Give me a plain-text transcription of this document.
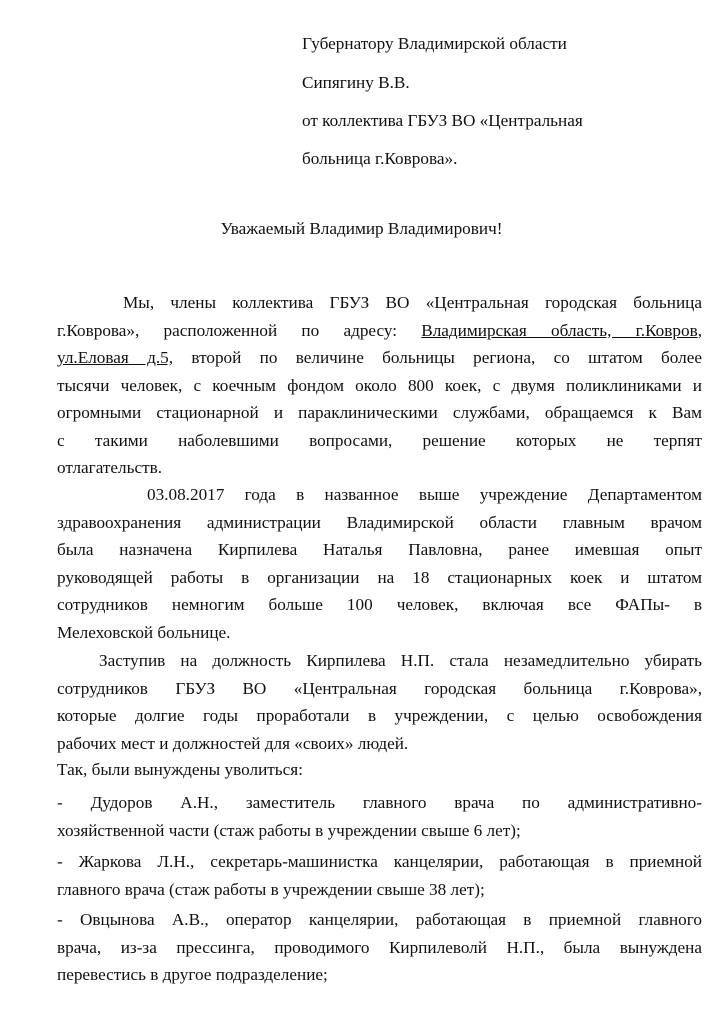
Губернатору Владимирской области
Сипягину В.В.
от коллектива ГБУЗ ВО «Центральная
больница г.Коврова».
Уважаемый Владимир Владимирович!
Мы, члены коллектива ГБУЗ ВО «Центральная городская больница
г.Коврова», расположенной по адресу: Владимирская область, г.Ковров,
ул.Еловая д.5, второй по величине больницы региона, со штатом более
тысячи человек, с коечным фондом около 800 коек, с двумя поликлиниками и
огромными стационарной и параклиническими службами, обращаемся к Вам
с такими наболевшими вопросами, решение которых не терпят
отлагательств.
03.08.2017 года в названное выше учреждение Департаментом
здравоохранения администрации Владимирской области главным врачом
была назначена Кирпилева Наталья Павловна, ранее имевшая опыт
руководящей работы в организации на 18 стационарных коек и штатом
сотрудников немногим больше 100 человек, включая все ФАПы- в
Мелеховской больнице.
Заступив на должность Кирпилева Н.П. стала незамедлительно убирать
сотрудников ГБУЗ ВО «Центральная городская больница г.Коврова»,
которые долгие годы проработали в учреждении, с целью освобождения
рабочих мест и должностей для «своих» людей.
Так, были вынуждены уволиться:
- Дудоров А.Н., заместитель главного врача по административно-
хозяйственной части (стаж работы в учреждении свыше 6 лет);
- Жаркова Л.Н., секретарь-машинистка канцелярии, работающая в приемной
главного врача (стаж работы в учреждении свыше 38 лет);
- Овцынова А.В., оператор канцелярии, работающая в приемной главного
врача, из-за прессинга, проводимого Кирпилеволй Н.П., была вынуждена
перевестись в другое подразделение;
